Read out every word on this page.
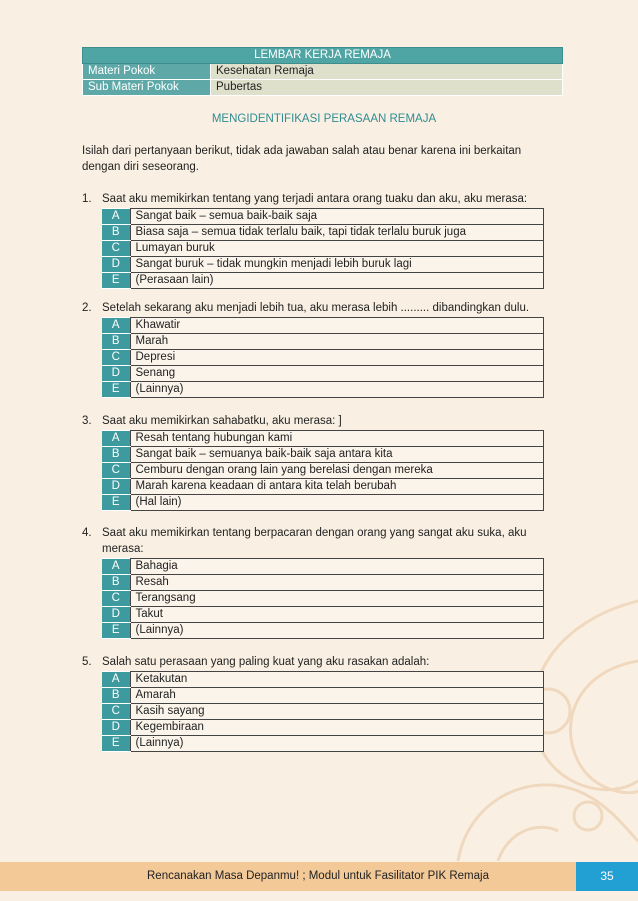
LEMBAR KERJA REMAJA	
Materi Pokok	Kesehatan Remaja
Sub Materi Pokok	Pubertas
MENGIDENTIFIKASI PERASAAN REMAJA
Isilah dari pertanyaan berikut, tidak ada jawaban salah atau benar karena ini berkaitan dengan diri seseorang.
1. Saat aku memikirkan tentang yang terjadi antara orang tuaku dan aku, aku merasa:
A	Sangat baik – semua baik-baik saja
B	Biasa saja – semua tidak terlalu baik, tapi tidak terlalu buruk juga
C	Lumayan buruk
D	Sangat buruk – tidak mungkin menjadi lebih buruk lagi
E	(Perasaan lain)
2. Setelah sekarang aku menjadi lebih tua, aku merasa lebih ......... dibandingkan dulu.
A	Khawatir
B	Marah
C	Depresi
D	Senang
E	(Lainnya)
3. Saat aku memikirkan sahabatku, aku merasa: ]
A	Resah tentang hubungan kami
B	Sangat baik – semuanya baik-baik saja antara kita
C	Cemburu dengan orang lain yang berelasi dengan mereka
D	Marah karena keadaan di antara kita telah berubah
E	(Hal lain)
4. Saat aku memikirkan tentang berpacaran dengan orang yang sangat aku suka, aku merasa:
A	Bahagia
B	Resah
C	Terangsang
D	Takut
E	(Lainnya)
5. Salah satu perasaan yang paling kuat yang aku rasakan adalah:
A	Ketakutan
B	Amarah
C	Kasih sayang
D	Kegembiraan
E	(Lainnya)
Rencanakan Masa Depanmu! ; Modul untuk Fasilitator PIK Remaja	35
